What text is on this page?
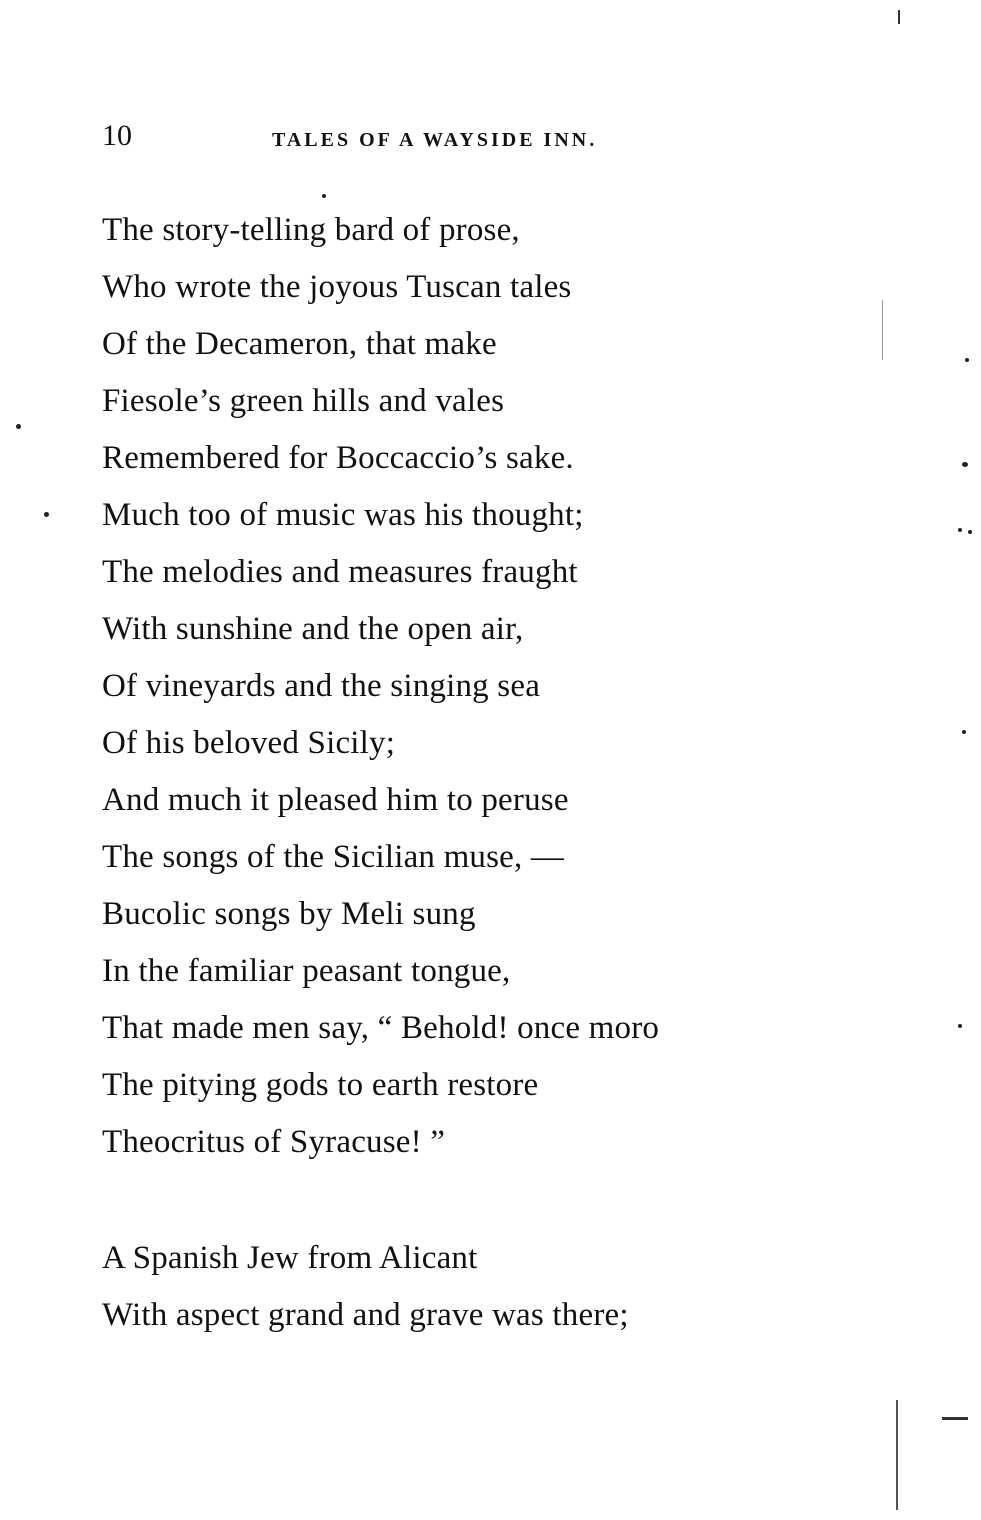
10	TALES OF A WAYSIDE INN.
The story-telling bard of prose,
Who wrote the joyous Tuscan tales
Of the Decameron, that make
Fiesole’s green hills and vales
Remembered for Boccaccio’s sake.
Much too of music was his thought;
The melodies and measures fraught
With sunshine and the open air,
Of vineyards and the singing sea
Of his beloved Sicily;
And much it pleased him to peruse
The songs of the Sicilian muse, —
Bucolic songs by Meli sung
In the familiar peasant tongue,
That made men say, “ Behold! once moro
The pitying gods to earth restore
Theocritus of Syracuse! ”
A Spanish Jew from Alicant
With aspect grand and grave was there;
